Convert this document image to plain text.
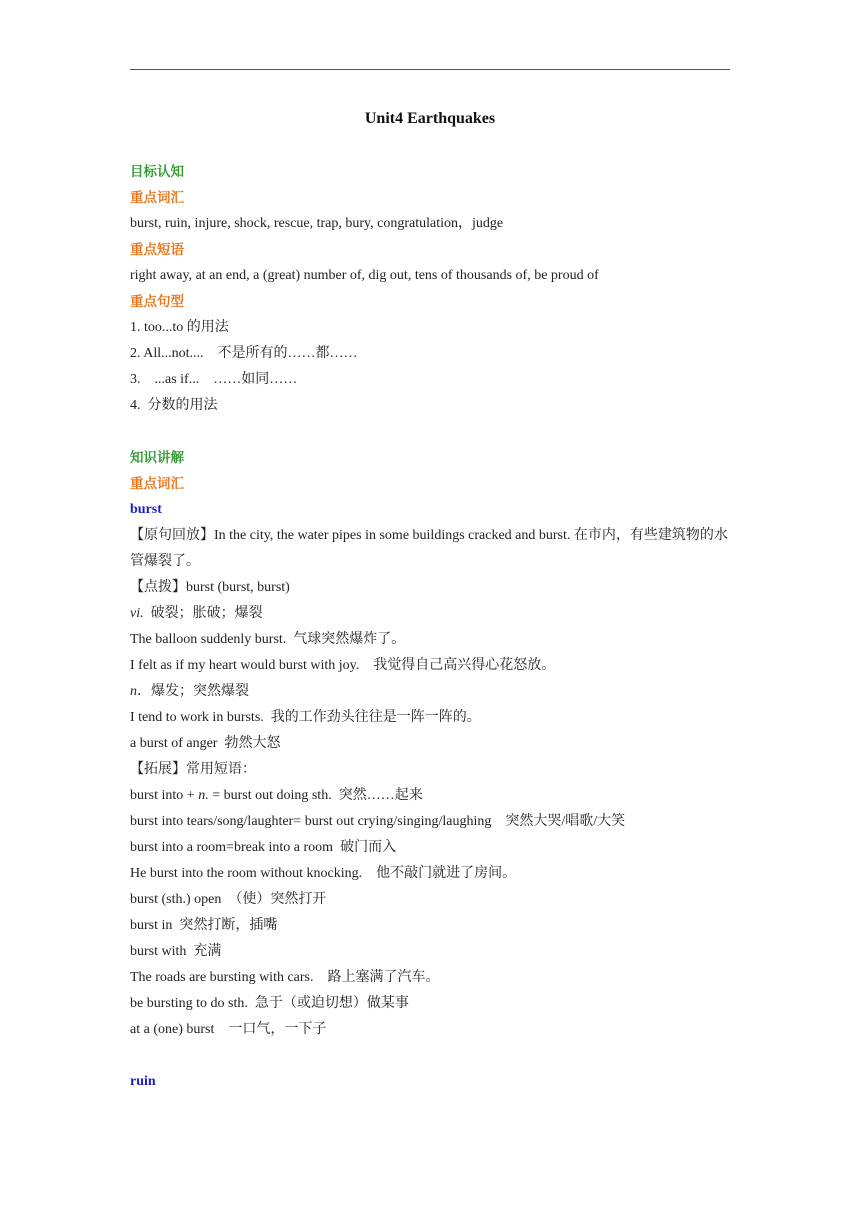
Unit4 Earthquakes
目标认知
重点词汇
burst, ruin, injure, shock, rescue, trap, bury, congratulation，judge
重点短语
right away, at an end, a (great) number of, dig out, tens of thousands of, be proud of
重点句型
1. too...to 的用法
2. All...not....    不是所有的……都……
3.    ...as if...    ……如同……
4.  分数的用法
知识讲解
重点词汇
burst
【原句回放】In the city, the water pipes in some buildings cracked and burst. 在市内，有些建筑物的水管爆裂了。
【点拨】burst (burst, burst)
vi.  破裂；胀破；爆裂
The balloon suddenly burst.  气球突然爆炸了。
I felt as if my heart would burst with joy.    我觉得自己高兴得心花怒放。
n．爆发；突然爆裂
I tend to work in bursts.  我的工作劲头往往是一阵一阵的。
a burst of anger  勃然大怒
【拓展】常用短语：
burst into + n. = burst out doing sth.  突然……起来
burst into tears/song/laughter= burst out crying/singing/laughing    突然大哭/唱歌/大笑
burst into a room=break into a room  破门而入
He burst into the room without knocking.    他不敲门就进了房间。
burst (sth.) open  （使）突然打开
burst in  突然打断，插嘴
burst with  充满
The roads are bursting with cars.    路上塞满了汽车。
be bursting to do sth.  急于（或迫切想）做某事
at a (one) burst    一口气，一下子
ruin
